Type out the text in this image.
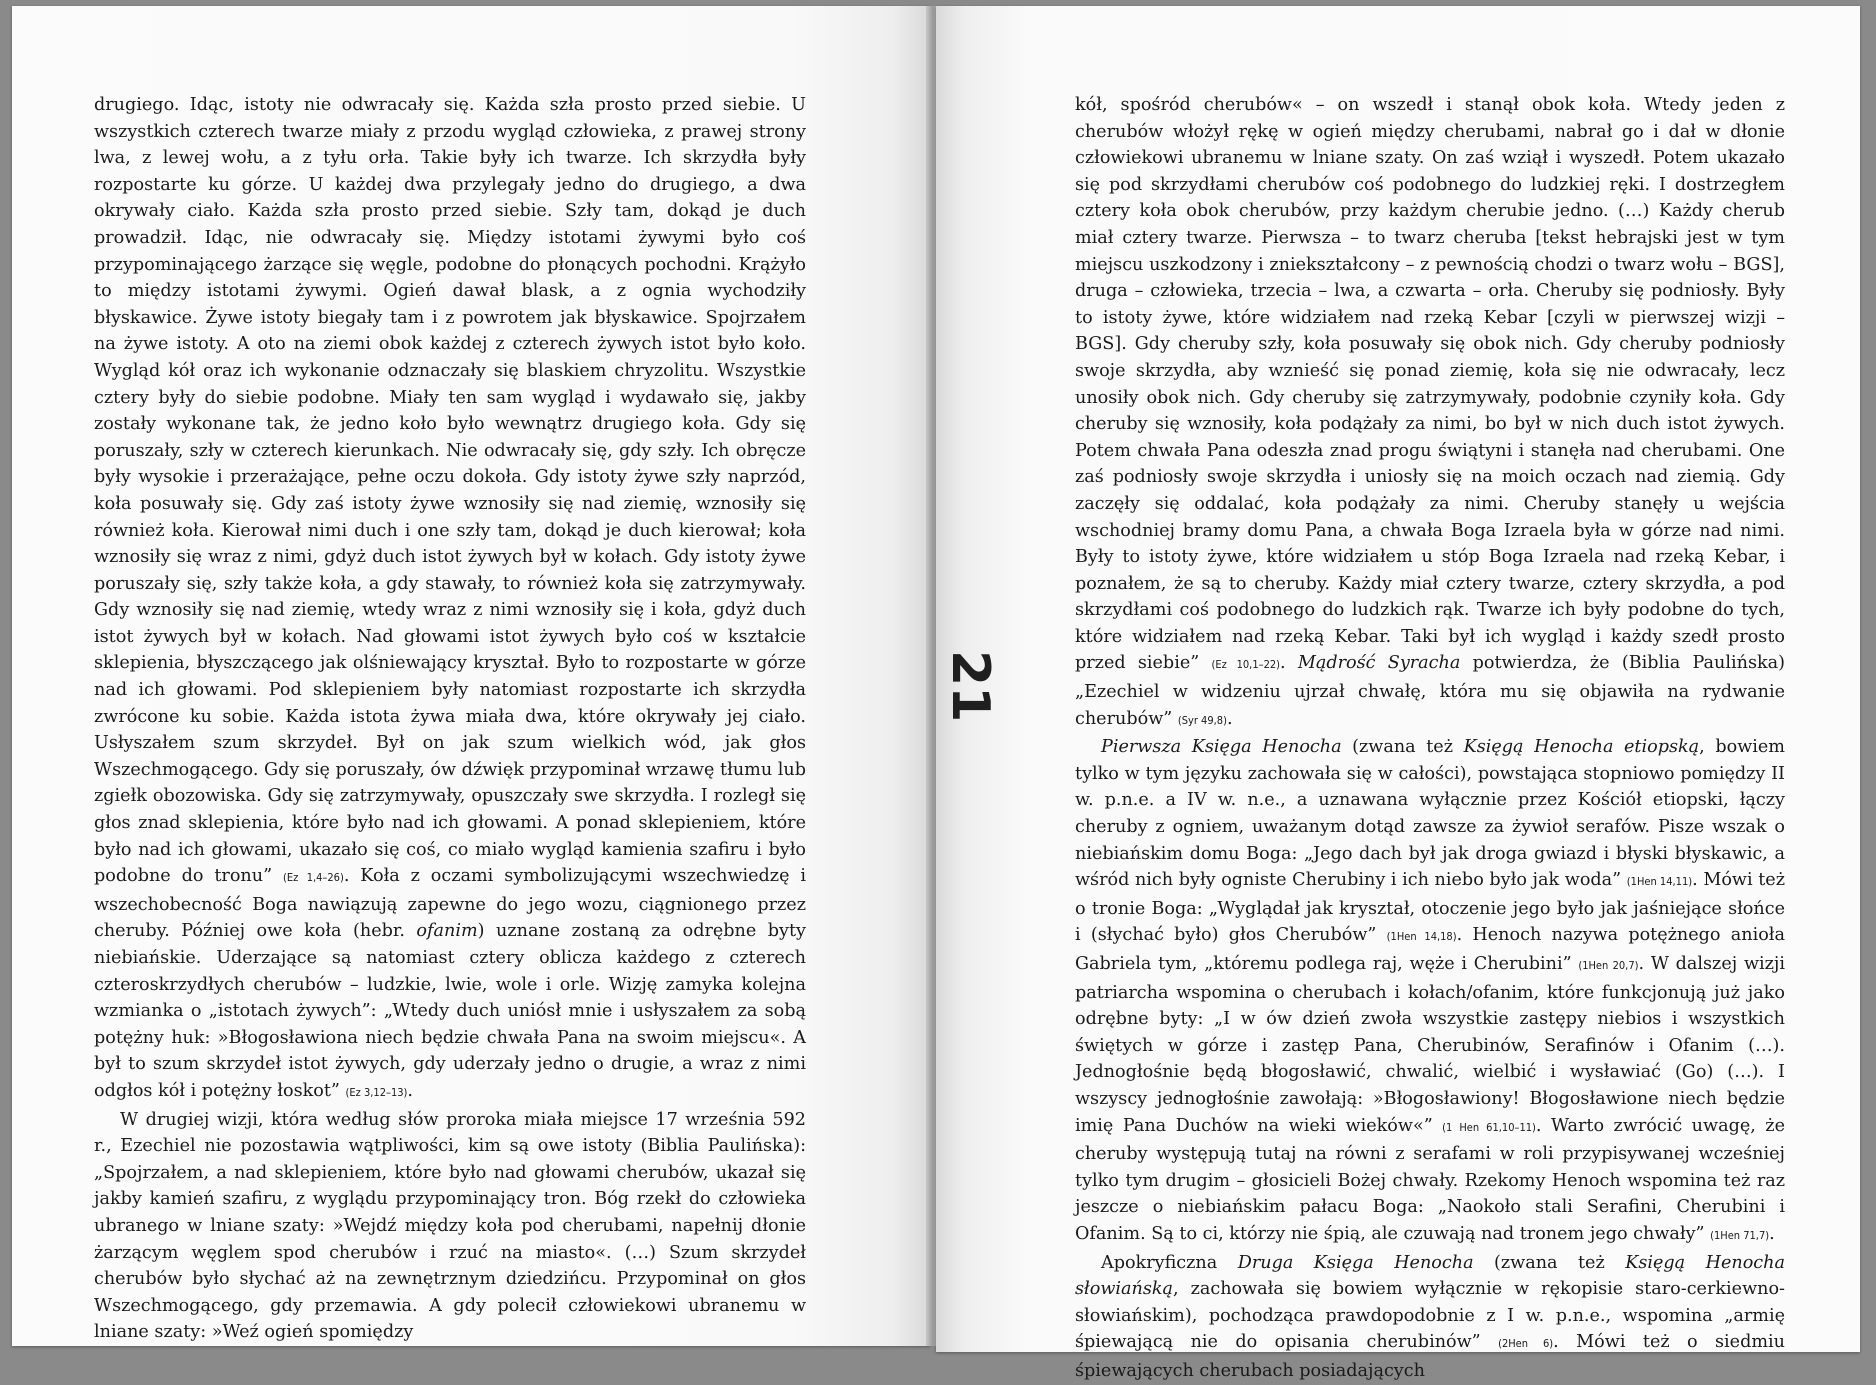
drugiego. Idąc, istoty nie odwracały się. Każda szła prosto przed siebie. U wszystkich czterech twarze miały z przodu wygląd człowieka, z prawej strony lwa, z lewej wołu, a z tyłu orła. Takie były ich twarze. Ich skrzydła były rozpostarte ku górze. U każdej dwa przylegały jedno do drugiego, a dwa okrywały ciało. Każda szła prosto przed siebie. Szły tam, dokąd je duch prowadził. Idąc, nie odwracały się. Między istotami żywymi było coś przypominającego żarzące się węgle, podobne do płonących pochodni. Krążyło to między istotami żywymi. Ogień dawał blask, a z ognia wychodziły błyskawice. Żywe istoty biegały tam i z powrotem jak błyskawice. Spojrzałem na żywe istoty. A oto na ziemi obok każdej z czterech żywych istot było koło. Wygląd kół oraz ich wykonanie odznaczały się blaskiem chryzolitu. Wszystkie cztery były do siebie podobne. Miały ten sam wygląd i wydawało się, jakby zostały wykonane tak, że jedno koło było wewnątrz drugiego koła. Gdy się poruszały, szły w czterech kierunkach. Nie odwracały się, gdy szły. Ich obręcze były wysokie i przerażające, pełne oczu dokoła. Gdy istoty żywe szły naprzód, koła posuwały się. Gdy zaś istoty żywe wznosiły się nad ziemię, wznosiły się również koła. Kierował nimi duch i one szły tam, dokąd je duch kierował; koła wznosiły się wraz z nimi, gdyż duch istot żywych był w kołach. Gdy istoty żywe poruszały się, szły także koła, a gdy stawały, to również koła się zatrzymywały. Gdy wznosiły się nad ziemię, wtedy wraz z nimi wznosiły się i koła, gdyż duch istot żywych był w kołach. Nad głowami istot żywych było coś w kształcie sklepienia, błyszczącego jak olśniewający kryształ. Było to rozpostarte w górze nad ich głowami. Pod sklepieniem były natomiast rozpostarte ich skrzydła zwrócone ku sobie. Każda istota żywa miała dwa, które okrywały jej ciało. Usłyszałem szum skrzydeł. Był on jak szum wielkich wód, jak głos Wszechmogącego. Gdy się poruszały, ów dźwięk przypominał wrzawę tłumu lub zgiełk obozowiska. Gdy się zatrzymywały, opuszczały swe skrzydła. I rozległ się głos znad sklepienia, które było nad ich głowami. A ponad sklepieniem, które było nad ich głowami, ukazało się coś, co miało wygląd kamienia szafiru i było podobne do tronu” (Ez 1,4–26). Koła z oczami symbolizującymi wszechwiedzę i wszechobecność Boga nawiązują zapewne do jego wozu, ciągnionego przez cheruby. Później owe koła (hebr. ofanim) uznane zostaną za odrębne byty niebiańskie. Uderzające są natomiast cztery oblicza każdego z czterech czteroskrzydłych cherubów – ludzkie, lwie, wole i orle. Wizję zamyka kolejna wzmianka o „istotach żywych”: „Wtedy duch uniósł mnie i usłyszałem za sobą potężny huk: »Błogosławiona niech będzie chwała Pana na swoim miejscu«. A był to szum skrzydeł istot żywych, gdy uderzały jedno o drugie, a wraz z nimi odgłos kół i potężny łoskot” (Ez 3,12–13).

W drugiej wizji, która według słów proroka miała miejsce 17 września 592 r., Ezechiel nie pozostawia wątpliwości, kim są owe istoty (Biblia Paulińska): „Spojrzałem, a nad sklepieniem, które było nad głowami cherubów, ukazał się jakby kamień szafiru, z wyglądu przypominający tron. Bóg rzekł do człowieka ubranego w lniane szaty: »Wejdź między koła pod cherubami, napełnij dłonie żarzącym węglem spod cherubów i rzuć na miasto«. (…) Szum skrzydeł cherubów było słychać aż na zewnętrznym dziedzińcu. Przypominał on głos Wszechmogącego, gdy przemawia. A gdy polecił człowiekowi ubranemu w lniane szaty: »Weź ogień spomiędzy

21

kół, spośród cherubów« – on wszedł i stanął obok koła. Wtedy jeden z cherubów włożył rękę w ogień między cherubami, nabrał go i dał w dłonie człowiekowi ubranemu w lniane szaty. On zaś wziął i wyszedł. Potem ukazało się pod skrzydłami cherubów coś podobnego do ludzkiej ręki. I dostrzegłem cztery koła obok cherubów, przy każdym cherubie jedno. (…) Każdy cherub miał cztery twarze. Pierwsza – to twarz cheruba [tekst hebrajski jest w tym miejscu uszkodzony i zniekształcony – z pewnością chodzi o twarz wołu – BGS], druga – człowieka, trzecia – lwa, a czwarta – orła. Cheruby się podniosły. Były to istoty żywe, które widziałem nad rzeką Kebar [czyli w pierwszej wizji – BGS]. Gdy cheruby szły, koła posuwały się obok nich. Gdy cheruby podniosły swoje skrzydła, aby wznieść się ponad ziemię, koła się nie odwracały, lecz unosiły obok nich. Gdy cheruby się zatrzymywały, podobnie czyniły koła. Gdy cheruby się wznosiły, koła podążały za nimi, bo był w nich duch istot żywych. Potem chwała Pana odeszła znad progu świątyni i stanęła nad cherubami. One zaś podniosły swoje skrzydła i uniosły się na moich oczach nad ziemią. Gdy zaczęły się oddalać, koła podążały za nimi. Cheruby stanęły u wejścia wschodniej bramy domu Pana, a chwała Boga Izraela była w górze nad nimi. Były to istoty żywe, które widziałem u stóp Boga Izraela nad rzeką Kebar, i poznałem, że są to cheruby. Każdy miał cztery twarze, cztery skrzydła, a pod skrzydłami coś podobnego do ludzkich rąk. Twarze ich były podobne do tych, które widziałem nad rzeką Kebar. Taki był ich wygląd i każdy szedł prosto przed siebie” (Ez 10,1–22). Mądrość Syracha potwierdza, że (Biblia Paulińska) „Ezechiel w widzeniu ujrzał chwałę, która mu się objawiła na rydwanie cherubów” (Syr 49,8).

Pierwsza Księga Henocha (zwana też Księgą Henocha etiopską, bowiem tylko w tym języku zachowała się w całości), powstająca stopniowo pomiędzy II w. p.n.e. a IV w. n.e., a uznawana wyłącznie przez Kościół etiopski, łączy cheruby z ogniem, uważanym dotąd zawsze za żywioł serafów. Pisze wszak o niebiańskim domu Boga: „Jego dach był jak droga gwiazd i błyski błyskawic, a wśród nich były ogniste Cherubiny i ich niebo było jak woda” (1Hen 14,11). Mówi też o tronie Boga: „Wyglądał jak kryształ, otoczenie jego było jak jaśniejące słońce i (słychać było) głos Cherubów” (1Hen 14,18). Henoch nazywa potężnego anioła Gabriela tym, „któremu podlega raj, węże i Cherubini” (1Hen 20,7). W dalszej wizji patriarcha wspomina o cherubach i kołach/ofanim, które funkcjonują już jako odrębne byty: „I w ów dzień zwoła wszystkie zastępy niebios i wszystkich świętych w górze i zastęp Pana, Cherubinów, Serafinów i Ofanim (…). Jednogłośnie będą błogosławić, chwalić, wielbić i wysławiać (Go) (…). I wszyscy jednogłośnie zawołają: »Błogosławiony! Błogosławione niech będzie imię Pana Duchów na wieki wieków«” (1 Hen 61,10–11). Warto zwrócić uwagę, że cheruby występują tutaj na równi z serafami w roli przypisywanej wcześniej tylko tym drugim – głosicieli Bożej chwały. Rzekomy Henoch wspomina też raz jeszcze o niebiańskim pałacu Boga: „Naokoło stali Serafini, Cherubini i Ofanim. Są to ci, którzy nie śpią, ale czuwają nad tronem jego chwały” (1Hen 71,7).

Apokryficzna Druga Księga Henocha (zwana też Księgą Henocha słowiańską, zachowała się bowiem wyłącznie w rękopisie staro-cerkiewno-słowiańskim), pochodząca prawdopodobnie z I w. p.n.e., wspomina „armię śpiewającą nie do opisania cherubinów” (2Hen 6). Mówi też o siedmiu śpiewających cherubach posiadających
